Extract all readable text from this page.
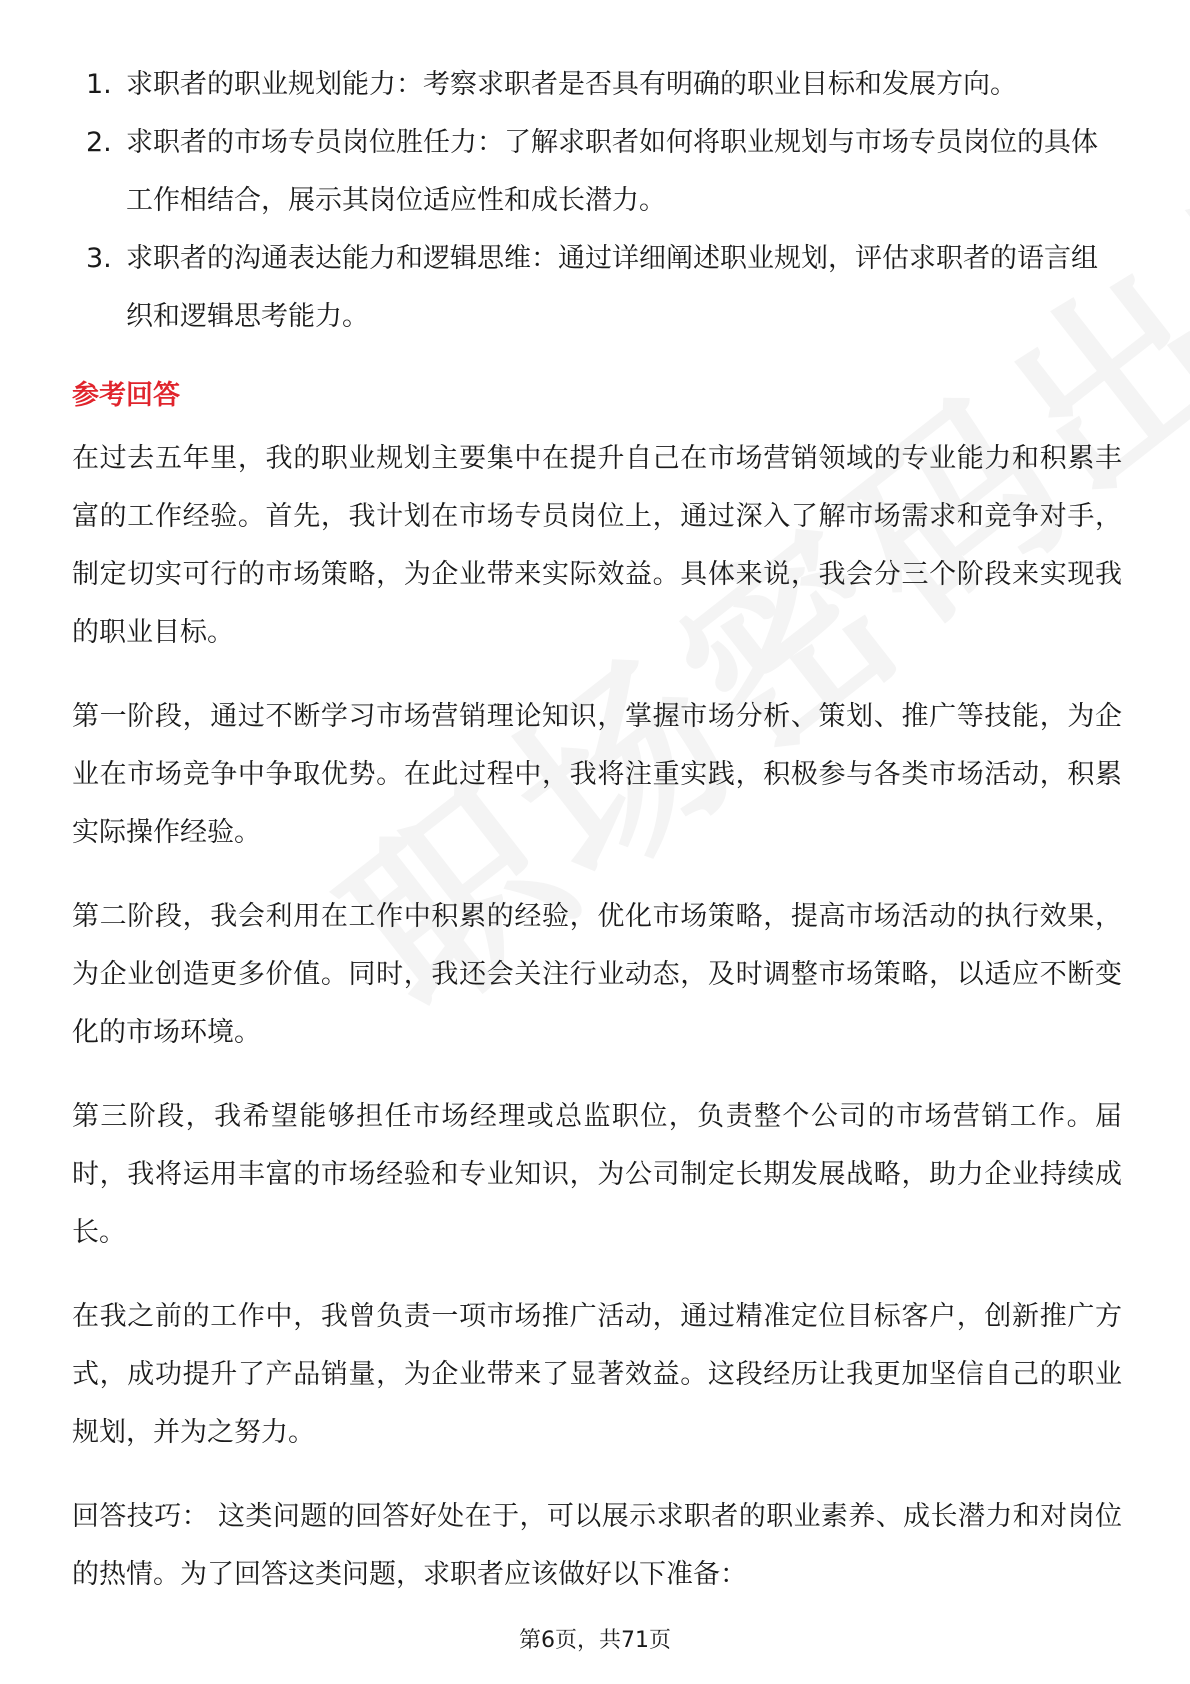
1. 求职者的职业规划能力：考察求职者是否具有明确的职业目标和发展方向。
2. 求职者的市场专员岗位胜任力：了解求职者如何将职业规划与市场专员岗位的具体工作相结合，展示其岗位适应性和成长潜力。
3. 求职者的沟通表达能力和逻辑思维：通过详细阐述职业规划，评估求职者的语言组织和逻辑思考能力。
参考回答

在过去五年里，我的职业规划主要集中在提升自己在市场营销领域的专业能力和积累丰富的工作经验。首先，我计划在市场专员岗位上，通过深入了解市场需求和竞争对手，制定切实可行的市场策略，为企业带来实际效益。具体来说，我会分三个阶段来实现我的职业目标。

第一阶段，通过不断学习市场营销理论知识，掌握市场分析、策划、推广等技能，为企业在市场竞争中争取优势。在此过程中，我将注重实践，积极参与各类市场活动，积累实际操作经验。

第二阶段，我会利用在工作中积累的经验，优化市场策略，提高市场活动的执行效果，为企业创造更多价值。同时，我还会关注行业动态，及时调整市场策略，以适应不断变化的市场环境。

第三阶段，我希望能够担任市场经理或总监职位，负责整个公司的市场营销工作。届时，我将运用丰富的市场经验和专业知识，为公司制定长期发展战略，助力企业持续成长。

在我之前的工作中，我曾负责一项市场推广活动，通过精准定位目标客户，创新推广方式，成功提升了产品销量，为企业带来了显著效益。这段经历让我更加坚信自己的职业规划，并为之努力。

回答技巧： 这类问题的回答好处在于，可以展示求职者的职业素养、成长潜力和对岗位的热情。为了回答这类问题，求职者应该做好以下准备：

第6页，共71页
